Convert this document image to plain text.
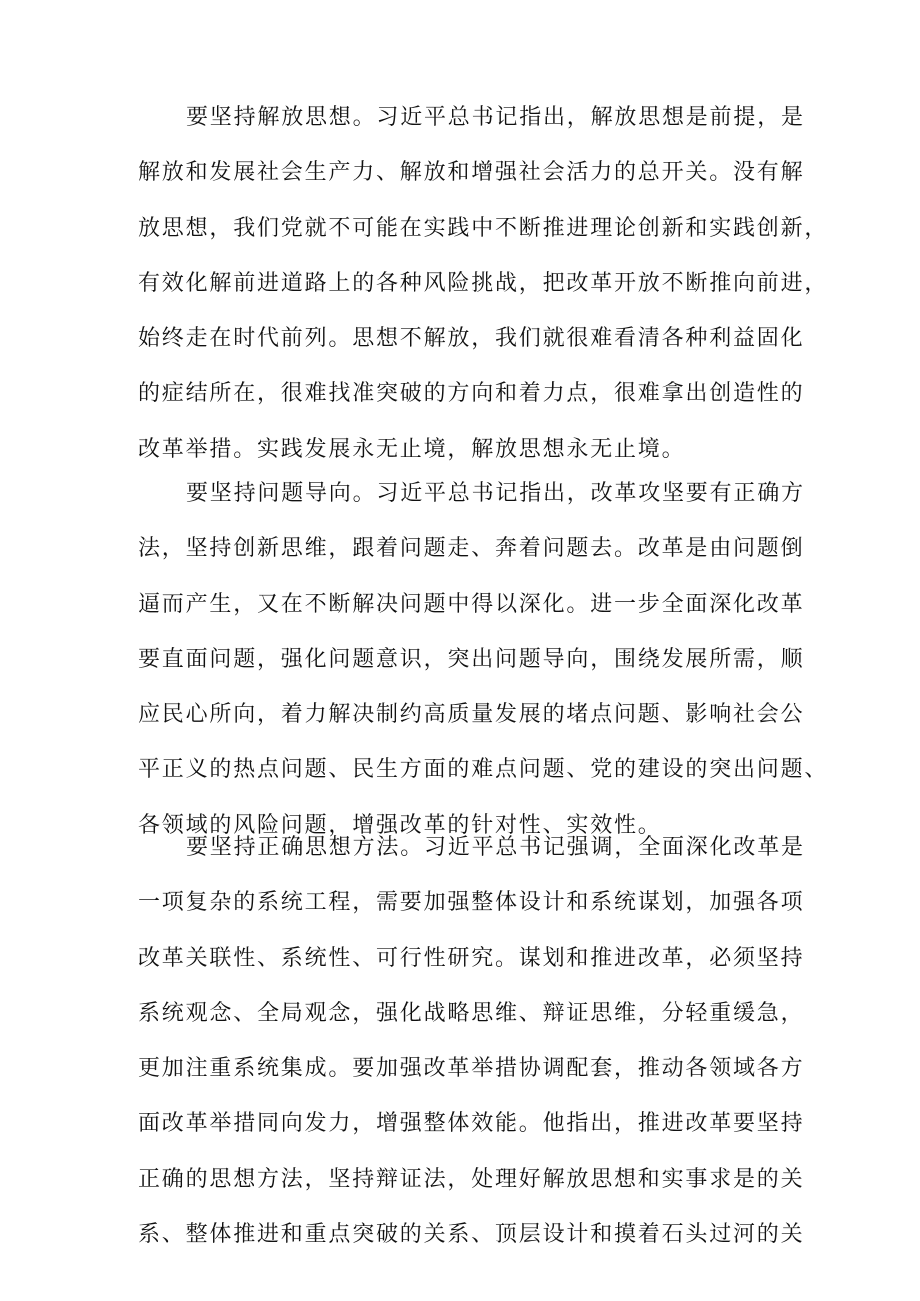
要坚持解放思想。习近平总书记指出，解放思想是前提，是
解放和发展社会生产力、解放和增强社会活力的总开关。没有解
放思想，我们党就不可能在实践中不断推进理论创新和实践创新，
有效化解前进道路上的各种风险挑战，把改革开放不断推向前进，
始终走在时代前列。思想不解放，我们就很难看清各种利益固化
的症结所在，很难找准突破的方向和着力点，很难拿出创造性的
改革举措。实践发展永无止境，解放思想永无止境。
要坚持问题导向。习近平总书记指出，改革攻坚要有正确方
法，坚持创新思维，跟着问题走、奔着问题去。改革是由问题倒
逼而产生，又在不断解决问题中得以深化。进一步全面深化改革
要直面问题，强化问题意识，突出问题导向，围绕发展所需，顺
应民心所向，着力解决制约高质量发展的堵点问题、影响社会公
平正义的热点问题、民生方面的难点问题、党的建设的突出问题、
各领域的风险问题，增强改革的针对性、实效性。
要坚持正确思想方法。习近平总书记强调，全面深化改革是
一项复杂的系统工程，需要加强整体设计和系统谋划，加强各项
改革关联性、系统性、可行性研究。谋划和推进改革，必须坚持
系统观念、全局观念，强化战略思维、辩证思维，分轻重缓急，
更加注重系统集成。要加强改革举措协调配套，推动各领域各方
面改革举措同向发力，增强整体效能。他指出，推进改革要坚持
正确的思想方法，坚持辩证法，处理好解放思想和实事求是的关
系、整体推进和重点突破的关系、顶层设计和摸着石头过河的关
